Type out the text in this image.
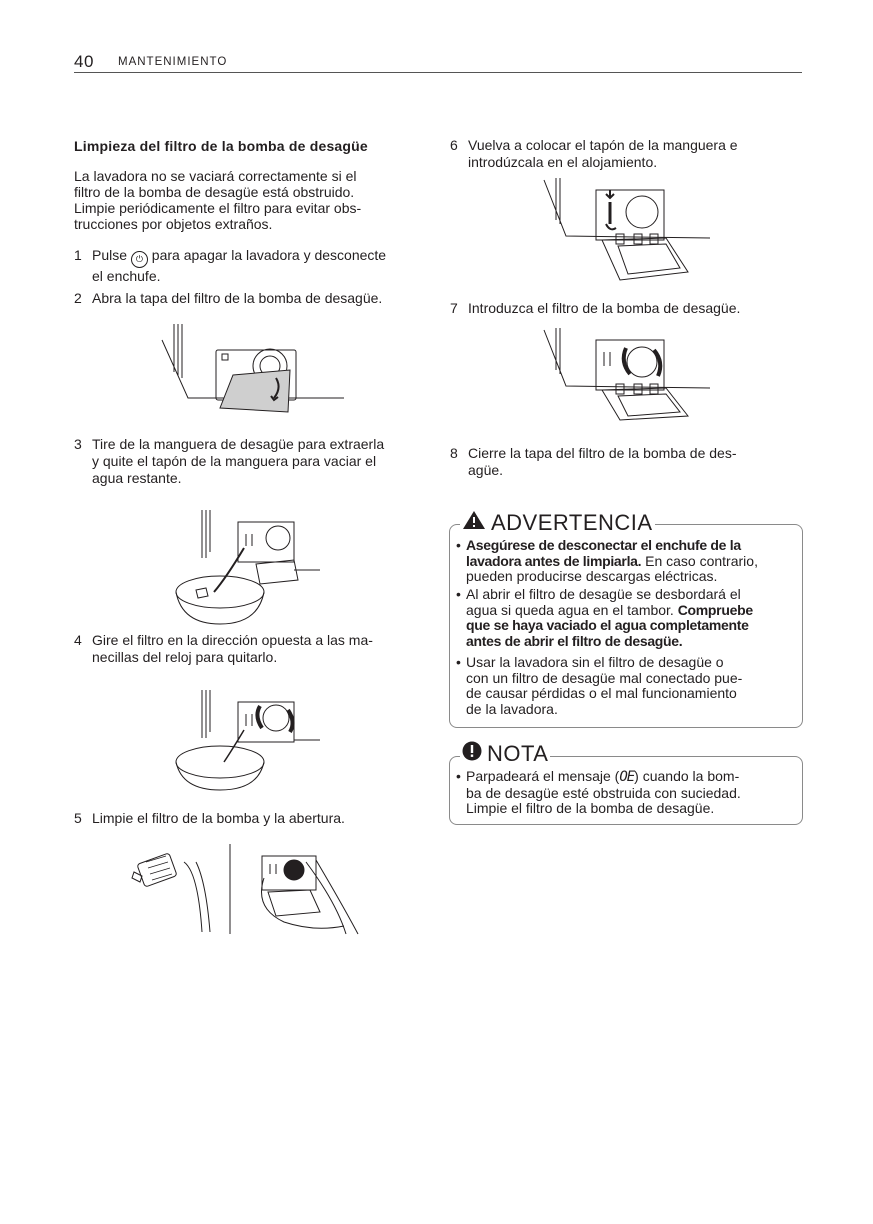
40 MANTENIMIENTO
Limpieza del filtro de la bomba de desagüe
La lavadora no se vaciará correctamente si el
filtro de la bomba de desagüe está obstruido.
Limpie periódicamente el filtro para evitar obs-
trucciones por objetos extraños.
1 Pulse ⏻ para apagar la lavadora y desconecte
el enchufe.
2 Abra la tapa del filtro de la bomba de desagüe.
3 Tire de la manguera de desagüe para extraerla
y quite el tapón de la manguera para vaciar el
agua restante.
4 Gire el filtro en la dirección opuesta a las ma-
necillas del reloj para quitarlo.
5 Limpie el filtro de la bomba y la abertura.
6 Vuelva a colocar el tapón de la manguera e
introdúzcala en el alojamiento.
7 Introduzca el filtro de la bomba de desagüe.
8 Cierre la tapa del filtro de la bomba de des-
agüe.
ADVERTENCIA
• Asegúrese de desconectar el enchufe de la
lavadora antes de limpiarla. En caso contrario,
pueden producirse descargas eléctricas.
• Al abrir el filtro de desagüe se desbordará el
agua si queda agua en el tambor. Compruebe
que se haya vaciado el agua completamente
antes de abrir el filtro de desagüe.
• Usar la lavadora sin el filtro de desagüe o
con un filtro de desagüe mal conectado pue-
de causar pérdidas o el mal funcionamiento
de la lavadora.
NOTA
• Parpadeará el mensaje (OE) cuando la bom-
ba de desagüe esté obstruida con suciedad.
Limpie el filtro de la bomba de desagüe.
